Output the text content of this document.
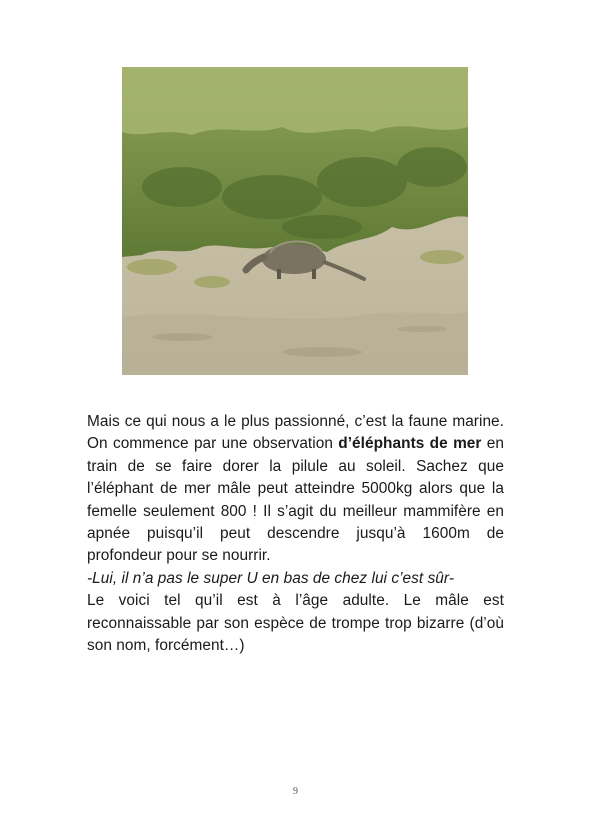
Mais ce qui nous a le plus passionné, c’est la faune marine. On commence par une observation d’éléphants de mer en train de se faire dorer la pilule au soleil. Sachez que l’éléphant de mer mâle peut atteindre 5000kg alors que la femelle seulement 800 ! Il s’agit du meilleur mammifère en apnée puisqu’il peut descendre jusqu’à 1600m de profondeur pour se nourrir.

-Lui, il n’a pas le super U en bas de chez lui c’est sûr-

Le voici tel qu’il est à l’âge adulte. Le mâle est reconnaissable par son espèce de trompe trop bizarre (d’où son nom, forcément…)

9
